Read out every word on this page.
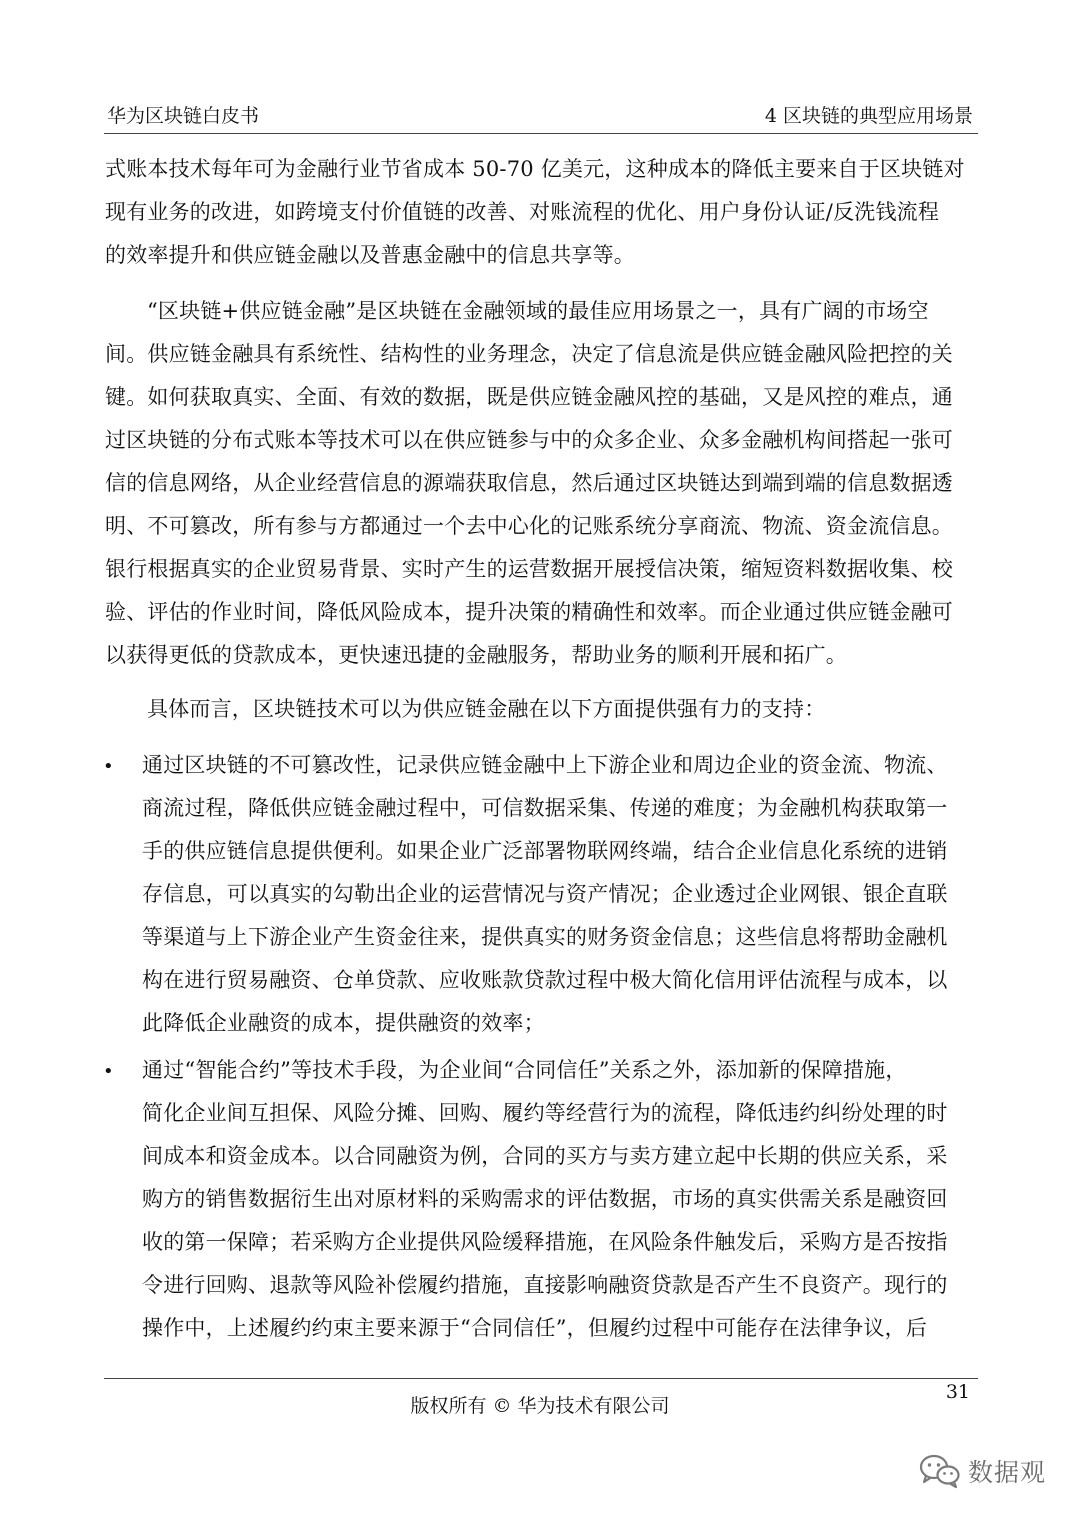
华为区块链白皮书	4 区块链的典型应用场景
式账本技术每年可为金融行业节省成本 50-70 亿美元，这种成本的降低主要来自于区块链对
现有业务的改进，如跨境支付价值链的改善、对账流程的优化、用户身份认证/反洗钱流程
的效率提升和供应链金融以及普惠金融中的信息共享等。
“区块链+供应链金融”是区块链在金融领域的最佳应用场景之一，具有广阔的市场空
间。供应链金融具有系统性、结构性的业务理念，决定了信息流是供应链金融风险把控的关
键。如何获取真实、全面、有效的数据，既是供应链金融风控的基础，又是风控的难点，通
过区块链的分布式账本等技术可以在供应链参与中的众多企业、众多金融机构间搭起一张可
信的信息网络，从企业经营信息的源端获取信息，然后通过区块链达到端到端的信息数据透
明、不可篡改，所有参与方都通过一个去中心化的记账系统分享商流、物流、资金流信息。
银行根据真实的企业贸易背景、实时产生的运营数据开展授信决策，缩短资料数据收集、校
验、评估的作业时间，降低风险成本，提升决策的精确性和效率。而企业通过供应链金融可
以获得更低的贷款成本，更快速迅捷的金融服务，帮助业务的顺利开展和拓广。
具体而言，区块链技术可以为供应链金融在以下方面提供强有力的支持：
• 通过区块链的不可篡改性，记录供应链金融中上下游企业和周边企业的资金流、物流、
商流过程，降低供应链金融过程中，可信数据采集、传递的难度；为金融机构获取第一
手的供应链信息提供便利。如果企业广泛部署物联网终端，结合企业信息化系统的进销
存信息，可以真实的勾勒出企业的运营情况与资产情况；企业透过企业网银、银企直联
等渠道与上下游企业产生资金往来，提供真实的财务资金信息；这些信息将帮助金融机
构在进行贸易融资、仓单贷款、应收账款贷款过程中极大简化信用评估流程与成本，以
此降低企业融资的成本，提供融资的效率；
• 通过“智能合约”等技术手段，为企业间“合同信任”关系之外，添加新的保障措施，
简化企业间互担保、风险分摊、回购、履约等经营行为的流程，降低违约纠纷处理的时
间成本和资金成本。以合同融资为例，合同的买方与卖方建立起中长期的供应关系，采
购方的销售数据衍生出对原材料的采购需求的评估数据，市场的真实供需关系是融资回
收的第一保障；若采购方企业提供风险缓释措施，在风险条件触发后，采购方是否按指
令进行回购、退款等风险补偿履约措施，直接影响融资贷款是否产生不良资产。现行的
操作中，上述履约约束主要来源于“合同信任”，但履约过程中可能存在法律争议，后
31
版权所有 © 华为技术有限公司
数据观
